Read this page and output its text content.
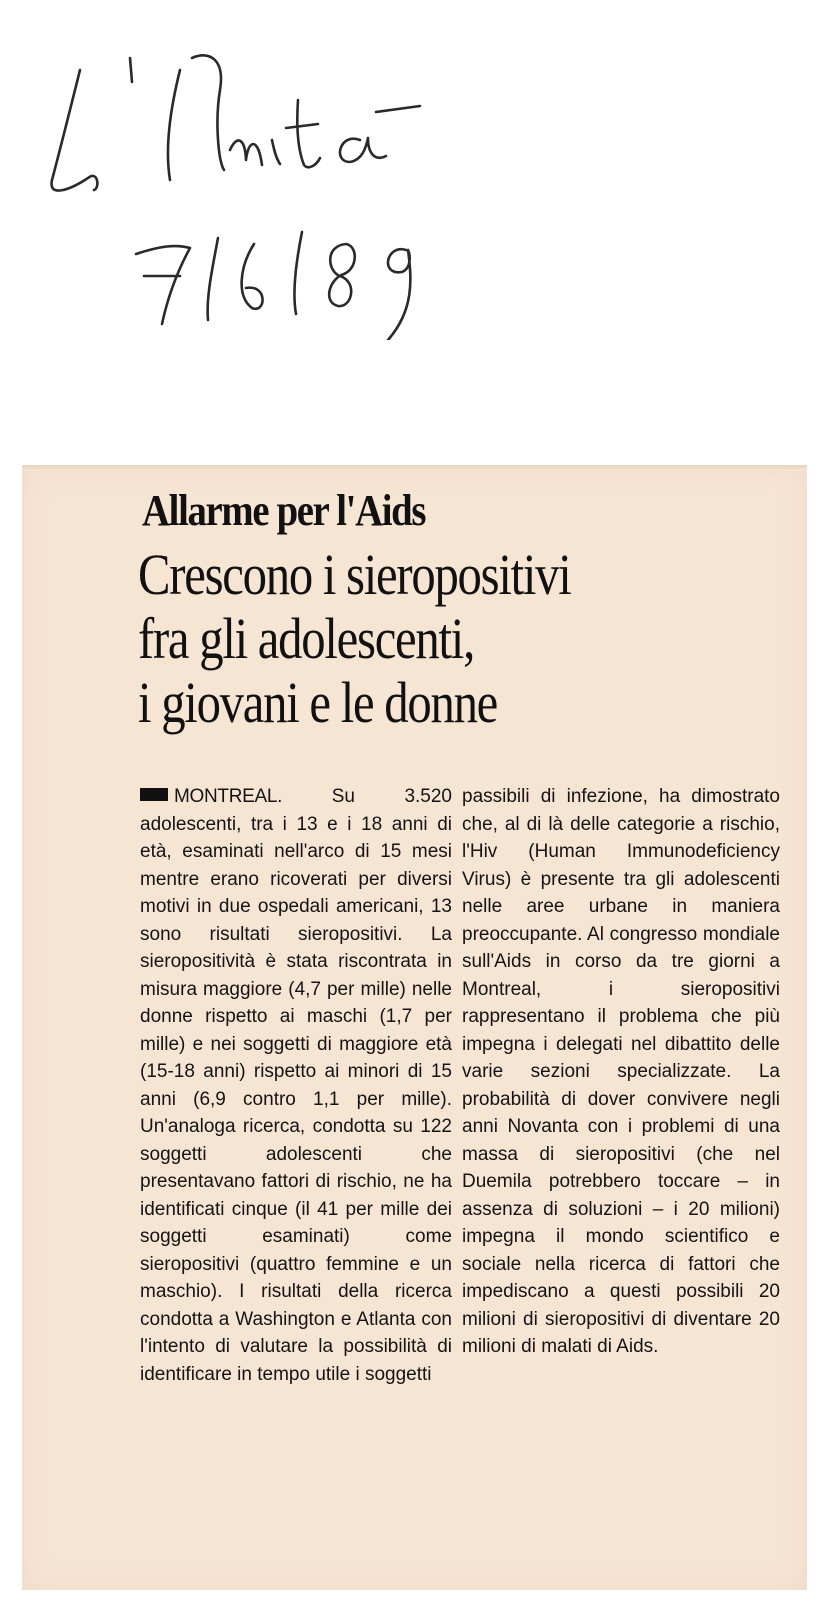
Allarme per l'Aids
Crescono i sieropositivi
fra gli adolescenti,
i giovani e le donne
MONTREAL.	Su 3.520 adolescenti, tra i 13 e i 18 anni di età, esaminati nell'arco di 15 mesi mentre erano ricoverati per diversi motivi in due ospedali americani, 13 sono risultati sieropositivi. La sieropositività è stata riscontrata in misura maggiore (4,7 per mille) nelle donne rispetto ai maschi (1,7 per mille) e nei soggetti di maggiore età (15-18 anni) rispetto ai minori di 15 anni (6,9 contro 1,1 per mille). Un'analoga ricerca, condotta su 122 soggetti adolescenti che presentavano fattori di rischio, ne ha identificati cinque (il 41 per mille dei soggetti esaminati) come sieropositivi (quattro femmine e un maschio). I risultati della ricerca condotta a Washington e Atlanta con l'intento di valutare la possibilità di identificare in tempo utile i soggetti
passibili di infezione, ha dimostrato che, al di là delle categorie a rischio, l'Hiv (Human Immunodeficiency Virus) è presente tra gli adolescenti nelle aree urbane in maniera preoccupante. Al congresso mondiale sull'Aids in corso da tre giorni a Montreal, i sieropositivi rappresentano il problema che più impegna i delegati nel dibattito delle varie sezioni specializzate. La probabilità di dover convivere negli anni Novanta con i problemi di una massa di sieropositivi (che nel Duemila potrebbero toccare – in assenza di soluzioni – i 20 milioni) impegna il mondo scientifico e sociale nella ricerca di fattori che impediscano a questi possibili 20 milioni di sieropositivi di diventare 20 milioni di malati di Aids.
